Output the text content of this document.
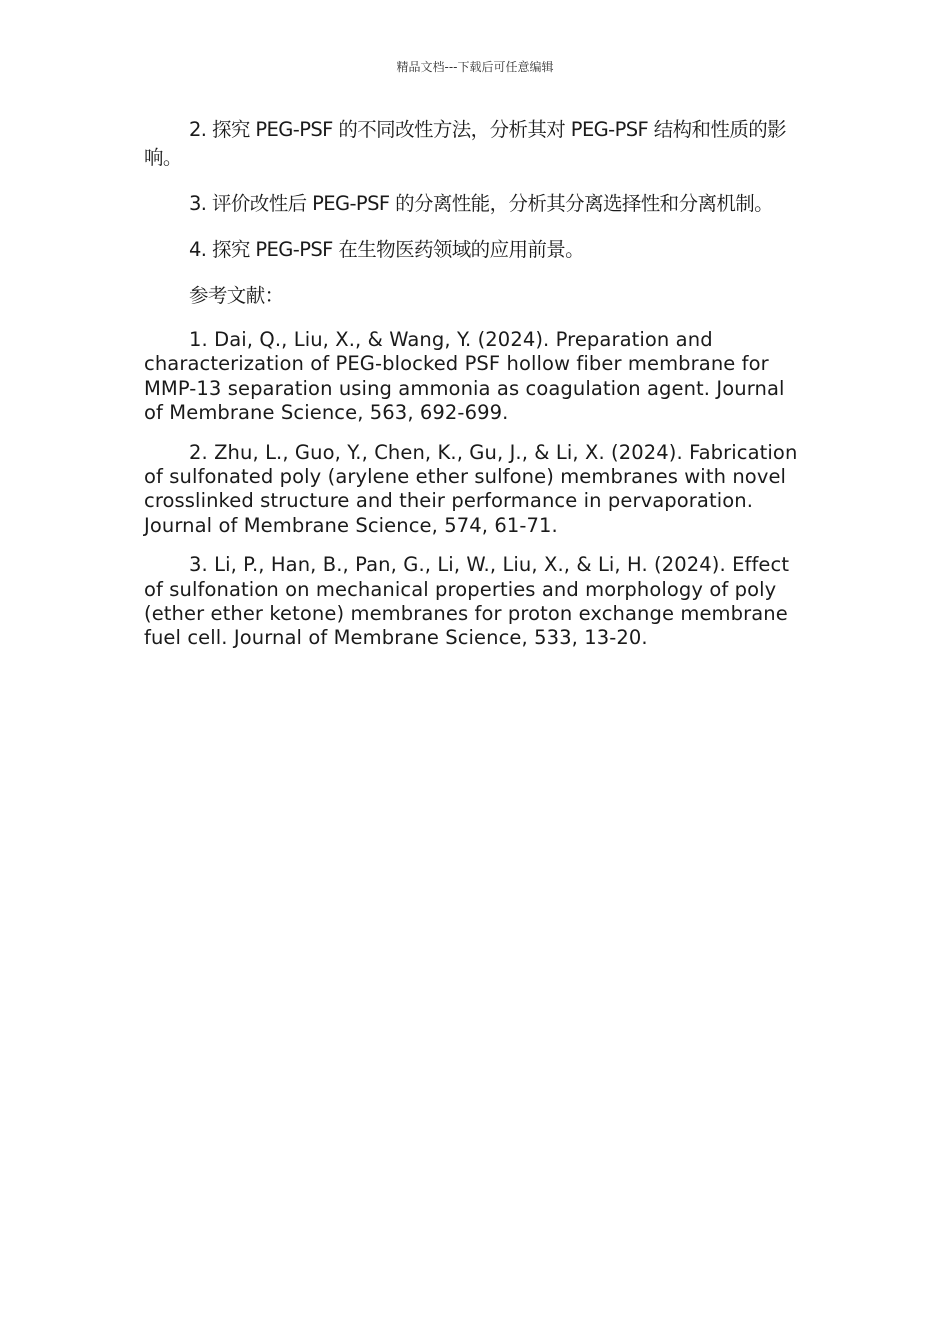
精品文档---下载后可任意编辑

2. 探究 PEG-PSF 的不同改性方法，分析其对 PEG-PSF 结构和性质的影响。

3. 评价改性后 PEG-PSF 的分离性能，分析其分离选择性和分离机制。

4. 探究 PEG-PSF 在生物医药领域的应用前景。

参考文献：

1. Dai, Q., Liu, X., & Wang, Y. (2024). Preparation and characterization of PEG-blocked PSF hollow fiber membrane for MMP-13 separation using ammonia as coagulation agent. Journal of Membrane Science, 563, 692-699.

2. Zhu, L., Guo, Y., Chen, K., Gu, J., & Li, X. (2024). Fabrication of sulfonated poly (arylene ether sulfone) membranes with novel crosslinked structure and their performance in pervaporation. Journal of Membrane Science, 574, 61-71.

3. Li, P., Han, B., Pan, G., Li, W., Liu, X., & Li, H. (2024). Effect of sulfonation on mechanical properties and morphology of poly (ether ether ketone) membranes for proton exchange membrane fuel cell. Journal of Membrane Science, 533, 13-20.
